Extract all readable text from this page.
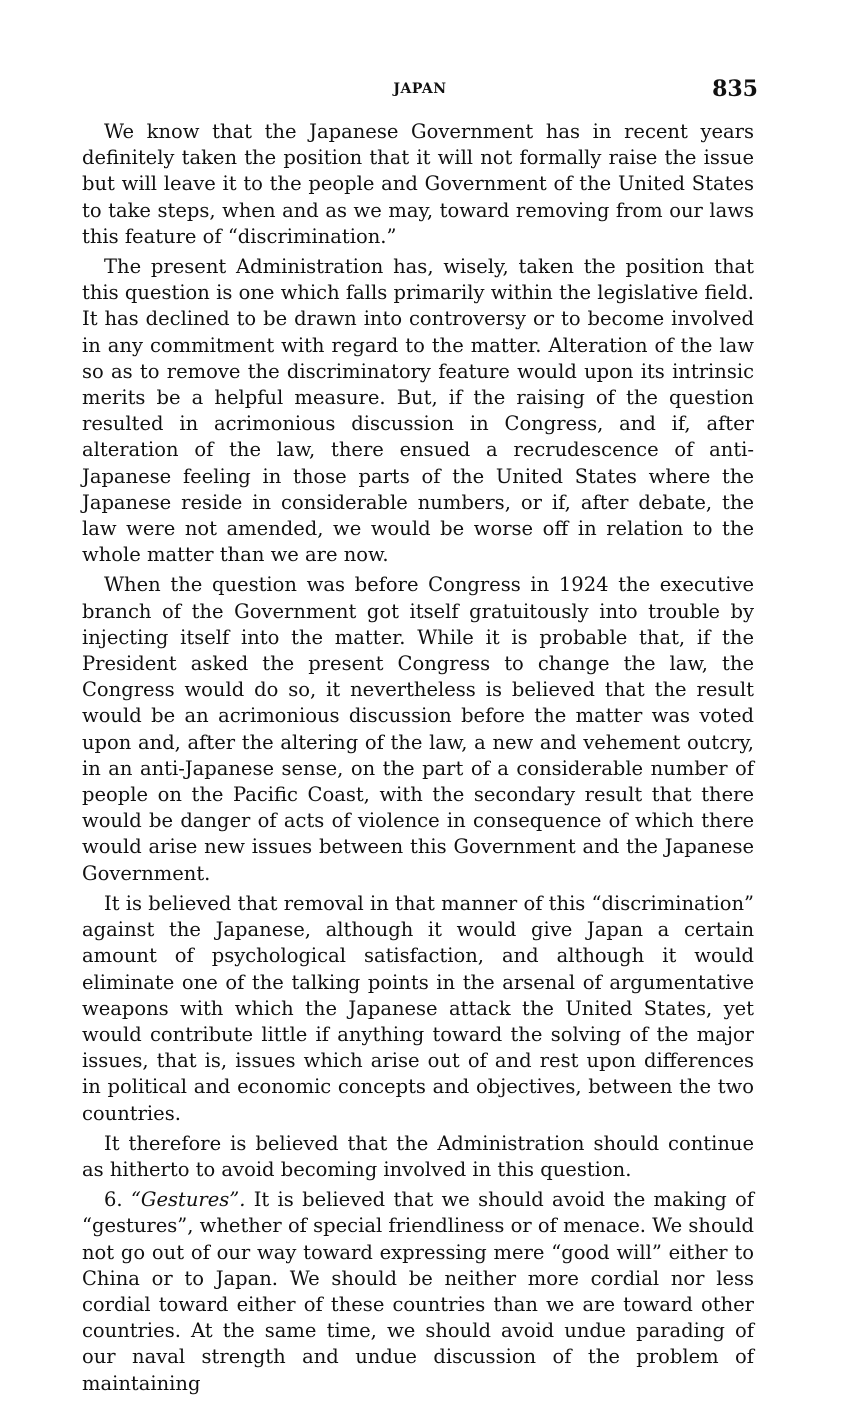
JAPAN	835

We know that the Japanese Government has in recent years definitely taken the position that it will not formally raise the issue but will leave it to the people and Government of the United States to take steps, when and as we may, toward removing from our laws this feature of “discrimination.”

The present Administration has, wisely, taken the position that this question is one which falls primarily within the legislative field. It has declined to be drawn into controversy or to become involved in any commitment with regard to the matter. Alteration of the law so as to remove the discriminatory feature would upon its intrinsic merits be a helpful measure. But, if the raising of the question resulted in acrimonious discussion in Congress, and if, after alteration of the law, there ensued a recrudescence of anti-Japanese feeling in those parts of the United States where the Japanese reside in considerable numbers, or if, after debate, the law were not amended, we would be worse off in relation to the whole matter than we are now.

When the question was before Congress in 1924 the executive branch of the Government got itself gratuitously into trouble by injecting itself into the matter. While it is probable that, if the President asked the present Congress to change the law, the Congress would do so, it nevertheless is believed that the result would be an acrimonious discussion before the matter was voted upon and, after the altering of the law, a new and vehement outcry, in an anti-Japanese sense, on the part of a considerable number of people on the Pacific Coast, with the secondary result that there would be danger of acts of violence in consequence of which there would arise new issues between this Government and the Japanese Government.

It is believed that removal in that manner of this “discrimination” against the Japanese, although it would give Japan a certain amount of psychological satisfaction, and although it would eliminate one of the talking points in the arsenal of argumentative weapons with which the Japanese attack the United States, yet would contribute little if anything toward the solving of the major issues, that is, issues which arise out of and rest upon differences in political and economic concepts and objectives, between the two countries.

It therefore is believed that the Administration should continue as hitherto to avoid becoming involved in this question.

6. “Gestures”. It is believed that we should avoid the making of “gestures”, whether of special friendliness or of menace. We should not go out of our way toward expressing mere “good will” either to China or to Japan. We should be neither more cordial nor less cordial toward either of these countries than we are toward other countries. At the same time, we should avoid undue parading of our naval strength and undue discussion of the problem of maintaining
